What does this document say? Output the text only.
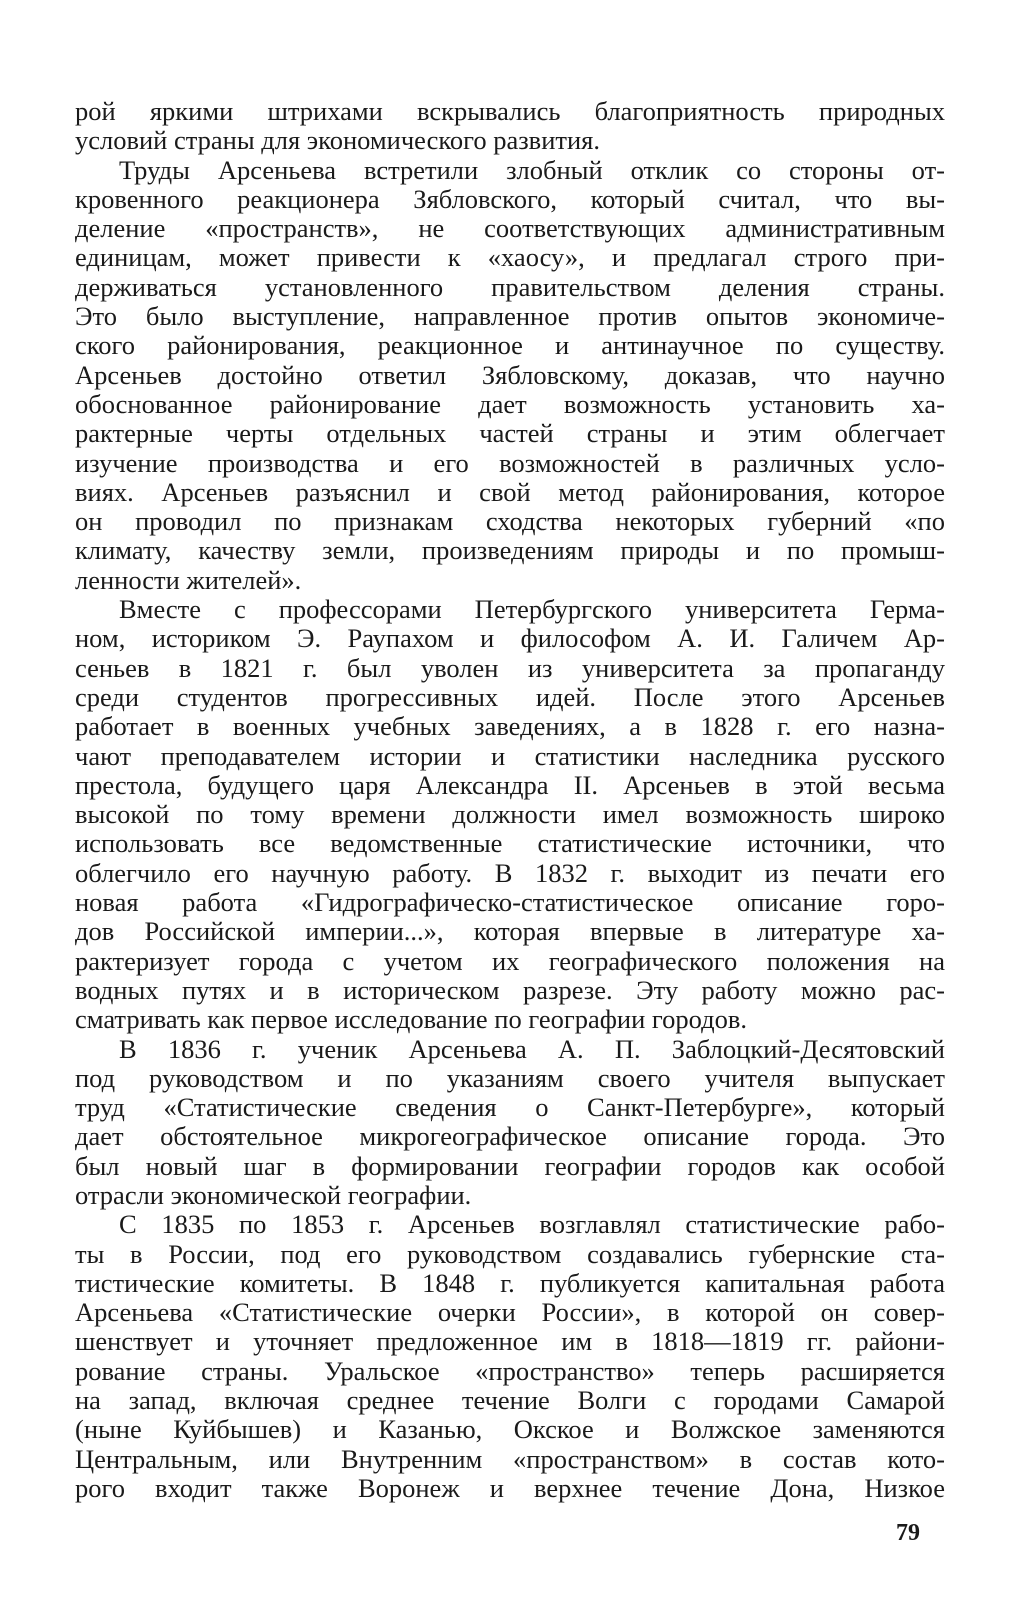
рой яркими штрихами вскрывались благоприятность природных
условий страны для экономического развития.
Труды Арсеньева встретили злобный отклик со стороны от-
кровенного реакционера Зябловского, который считал, что вы-
деление «пространств», не соответствующих административным
единицам, может привести к «хаосу», и предлагал строго при-
держиваться установленного правительством деления страны.
Это было выступление, направленное против опытов экономиче-
ского районирования, реакционное и антинаучное по существу.
Арсеньев достойно ответил Зябловскому, доказав, что научно
обоснованное районирование дает возможность установить ха-
рактерные черты отдельных частей страны и этим облегчает
изучение производства и его возможностей в различных усло-
виях. Арсеньев разъяснил и свой метод районирования, которое
он проводил по признакам сходства некоторых губерний «по
климату, качеству земли, произведениям природы и по промыш-
ленности жителей».
Вместе с профессорами Петербургского университета Герма-
ном, историком Э. Раупахом и философом А. И. Галичем Ар-
сеньев в 1821 г. был уволен из университета за пропаганду
среди студентов прогрессивных идей. После этого Арсеньев
работает в военных учебных заведениях, а в 1828 г. его назна-
чают преподавателем истории и статистики наследника русского
престола, будущего царя Александра II. Арсеньев в этой весьма
высокой по тому времени должности имел возможность широко
использовать все ведомственные статистические источники, что
облегчило его научную работу. В 1832 г. выходит из печати его
новая работа «Гидрографическо-статистическое описание горо-
дов Российской империи...», которая впервые в литературе ха-
рактеризует города с учетом их географического положения на
водных путях и в историческом разрезе. Эту работу можно рас-
сматривать как первое исследование по географии городов.
В 1836 г. ученик Арсеньева А. П. Заблоцкий-Десятовский
под руководством и по указаниям своего учителя выпускает
труд «Статистические сведения о Санкт-Петербурге», который
дает обстоятельное микрогеографическое описание города. Это
был новый шаг в формировании географии городов как особой
отрасли экономической географии.
С 1835 по 1853 г. Арсеньев возглавлял статистические рабо-
ты в России, под его руководством создавались губернские ста-
тистические комитеты. В 1848 г. публикуется капитальная работа
Арсеньева «Статистические очерки России», в которой он совер-
шенствует и уточняет предложенное им в 1818—1819 гг. райони-
рование страны. Уральское «пространство» теперь расширяется
на запад, включая среднее течение Волги с городами Самарой
(ныне Куйбышев) и Казанью, Окское и Волжское заменяются
Центральным, или Внутренним «пространством» в состав кото-
рого входит также Воронеж и верхнее течение Дона, Низкое
79
